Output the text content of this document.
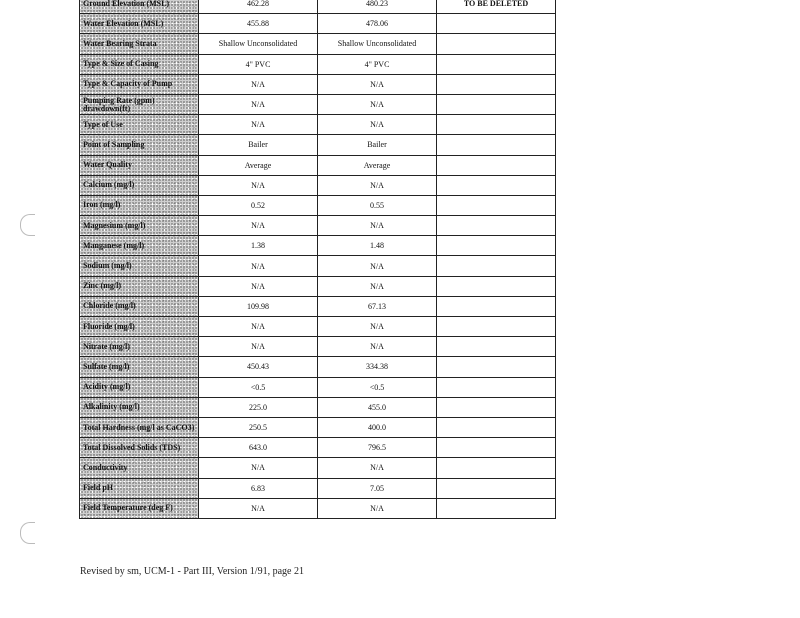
Ground Elevation (MSL)	462.28	480.23	TO BE DELETED
Water Elevation (MSL)	455.88	478.06	
Water Bearing Strata	Shallow Unconsolidated	Shallow Unconsolidated	
Type & Size of Casing	4" PVC	4" PVC	
Type & Capacity of Pump	N/A	N/A	
Pumping Rate (gpm) drawdown(ft)	N/A	N/A	
Type of Use	N/A	N/A	
Point of Sampling	Bailer	Bailer	
Water Quality	Average	Average	
Calcium (mg/l)	N/A	N/A	
Iron (mg/l)	0.52	0.55	
Magnesium (mg/l)	N/A	N/A	
Manganese (mg/l)	1.38	1.48	
Sodium (mg/l)	N/A	N/A	
Zinc (mg/l)	N/A	N/A	
Chloride (mg/l)	109.98	67.13	
Fluoride (mg/l)	N/A	N/A	
Nitrate (mg/l)	N/A	N/A	
Sulfate (mg/l)	450.43	334.38	
Acidity (mg/l)	<0.5	<0.5	
Alkalinity (mg/l)	225.0	455.0	
Total Hardness (mg/l as CaCO3)	250.5	400.0	
Total Dissolved Solids (TDS)	643.0	796.5	
Conductivity	N/A	N/A	
Field pH	6.83	7.05	
Field Temperature (deg F)	N/A	N/A	
Revised by sm, UCM-1 - Part III, Version 1/91, page 21
